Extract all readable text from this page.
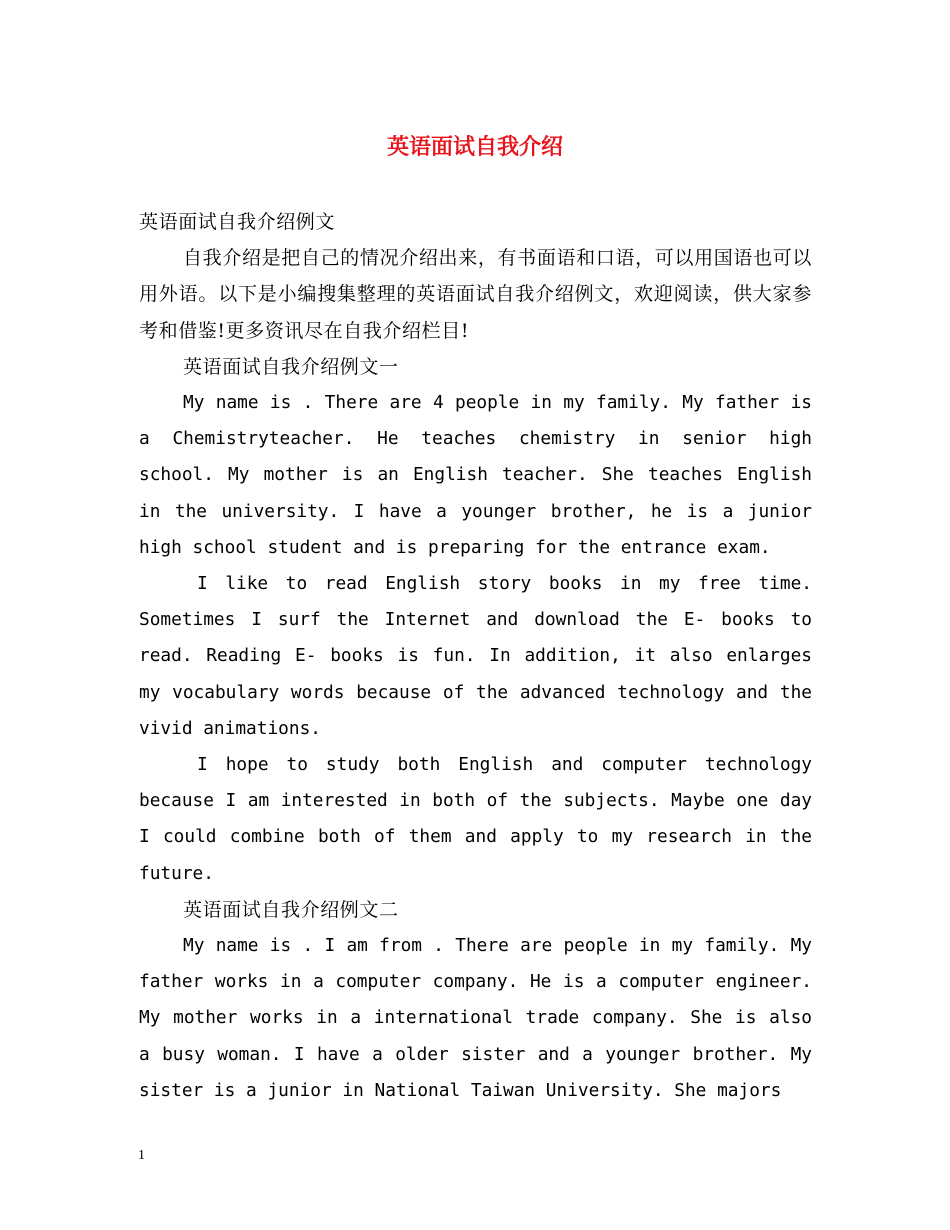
英语面试自我介绍

英语面试自我介绍例文

自我介绍是把自己的情况介绍出来，有书面语和口语，可以用国语也可以用外语。以下是小编搜集整理的英语面试自我介绍例文，欢迎阅读，供大家参考和借鉴!更多资讯尽在自我介绍栏目!

英语面试自我介绍例文一

My name is . There are 4 people in my family. My father is a Chemistryteacher. He teaches chemistry in senior high school. My mother is an English teacher. She teaches English in the university. I have a younger brother, he is a junior high school student and is preparing for the entrance exam.

I like to read English story books in my free time. Sometimes I surf the Internet and download the E- books to read. Reading E- books is fun. In addition, it also enlarges my vocabulary words because of the advanced technology and the vivid animations.

I hope to study both English and computer technology because I am interested in both of the subjects. Maybe one day I could combine both of them and apply to my research in the future.

英语面试自我介绍例文二

My name is . I am from . There are people in my family. My father works in a computer company. He is a computer engineer. My mother works in a international trade company. She is also a busy woman. I have a older sister and a younger brother. My sister is a junior in National Taiwan University. She majors

1
